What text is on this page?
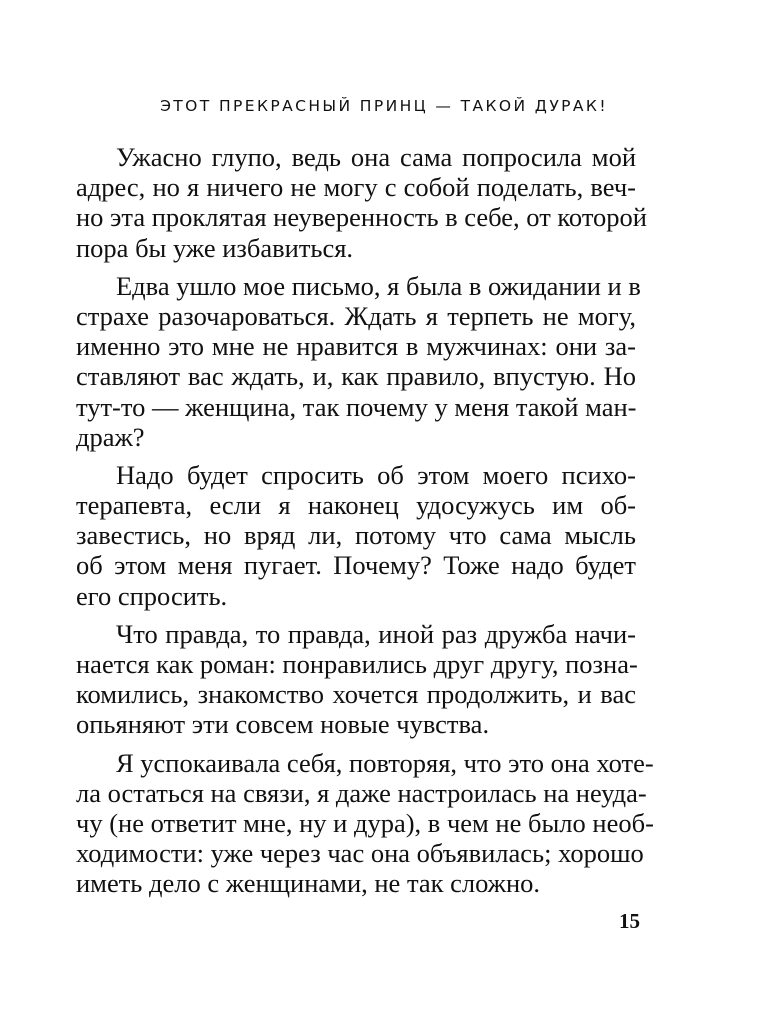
ЭТОТ ПРЕКРАСНЫЙ ПРИНЦ — ТАКОЙ ДУРАК!
Ужасно глупо, ведь она сама попросила мой
адрес, но я ничего не могу с собой поделать, веч-
но эта проклятая неуверенность в себе, от которой
пора бы уже избавиться.
Едва ушло мое письмо, я была в ожидании и в
страхе разочароваться. Ждать я терпеть не могу,
именно это мне не нравится в мужчинах: они за-
ставляют вас ждать, и, как правило, впустую. Но
тут-то — женщина, так почему у меня такой ман-
драж?
Надо будет спросить об этом моего психо-
терапевта, если я наконец удосужусь им об-
завестись, но вряд ли, потому что сама мысль
об этом меня пугает. Почему? Тоже надо будет
его спросить.
Что правда, то правда, иной раз дружба начи-
нается как роман: понравились друг другу, позна-
комились, знакомство хочется продолжить, и вас
опьяняют эти совсем новые чувства.
Я успокаивала себя, повторяя, что это она хоте-
ла остаться на связи, я даже настроилась на неуда-
чу (не ответит мне, ну и дура), в чем не было необ-
ходимости: уже через час она объявилась; хорошо
иметь дело с женщинами, не так сложно.
15
